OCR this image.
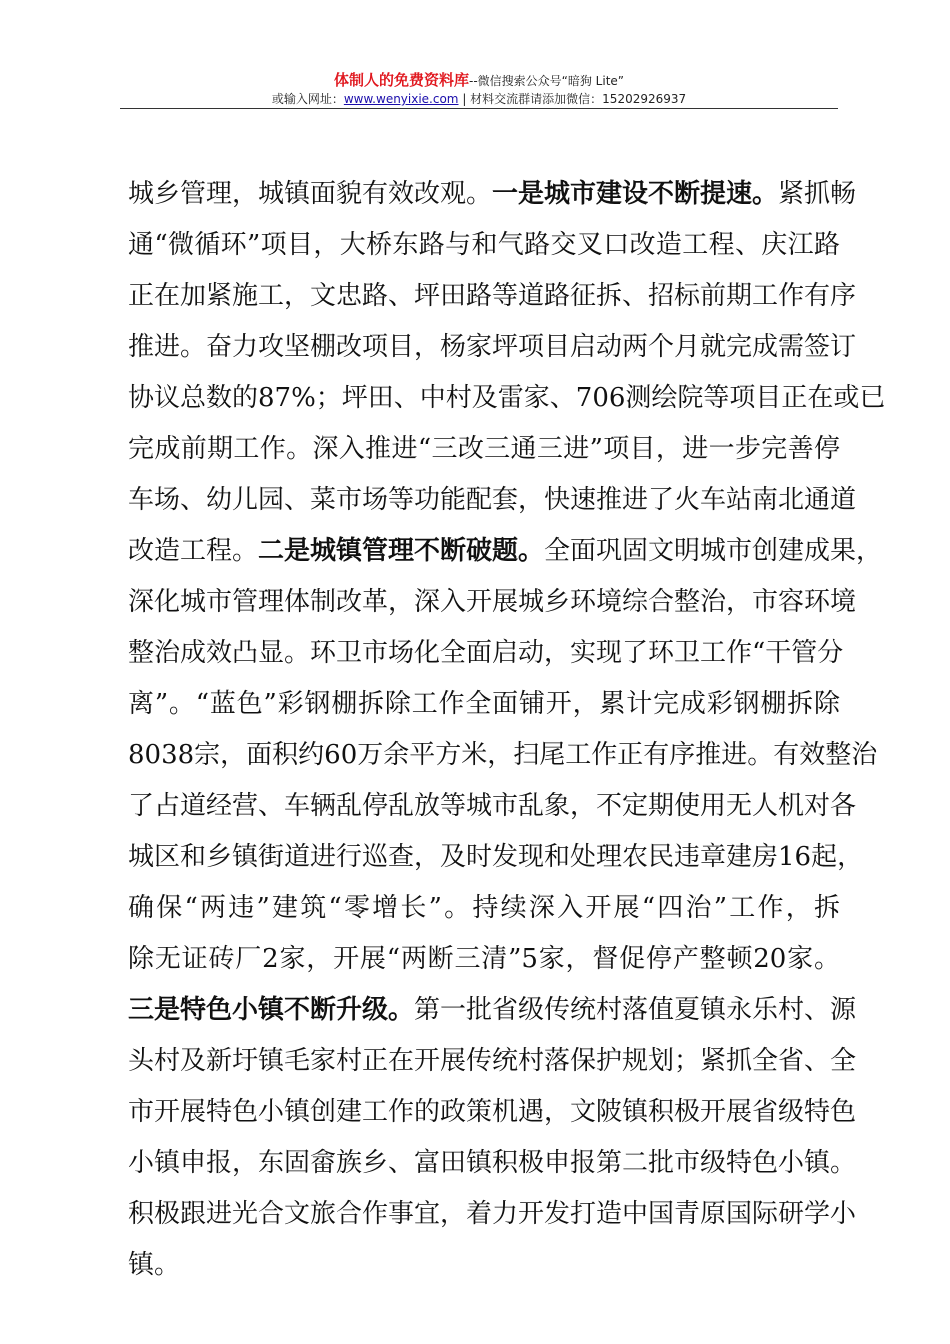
体制人的免费资料库--微信搜索公众号“暗狗 Lite”
或输入网址：www.wenyixie.com | 材料交流群请添加微信：15202926937
城乡管理，城镇面貌有效改观。一是城市建设不断提速。紧抓畅
通“微循环”项目，大桥东路与和气路交叉口改造工程、庆江路
正在加紧施工，文忠路、坪田路等道路征拆、招标前期工作有序
推进。奋力攻坚棚改项目，杨家坪项目启动两个月就完成需签订
协议总数的87%；坪田、中村及雷家、706测绘院等项目正在或已
完成前期工作。深入推进“三改三通三进”项目，进一步完善停
车场、幼儿园、菜市场等功能配套，快速推进了火车站南北通道
改造工程。二是城镇管理不断破题。全面巩固文明城市创建成果，
深化城市管理体制改革，深入开展城乡环境综合整治，市容环境
整治成效凸显。环卫市场化全面启动，实现了环卫工作“干管分
离”。“蓝色”彩钢棚拆除工作全面铺开，累计完成彩钢棚拆除
8038宗，面积约60万余平方米，扫尾工作正有序推进。有效整治
了占道经营、车辆乱停乱放等城市乱象，不定期使用无人机对各
城区和乡镇街道进行巡查，及时发现和处理农民违章建房16起，
确保“两违”建筑“零增长”。持续深入开展“四治”工作，拆
除无证砖厂2家，开展“两断三清”5家，督促停产整顿20家。
三是特色小镇不断升级。第一批省级传统村落值夏镇永乐村、源
头村及新圩镇毛家村正在开展传统村落保护规划；紧抓全省、全
市开展特色小镇创建工作的政策机遇，文陂镇积极开展省级特色
小镇申报，东固畲族乡、富田镇积极申报第二批市级特色小镇。
积极跟进光合文旅合作事宜，着力开发打造中国青原国际研学小
镇。
